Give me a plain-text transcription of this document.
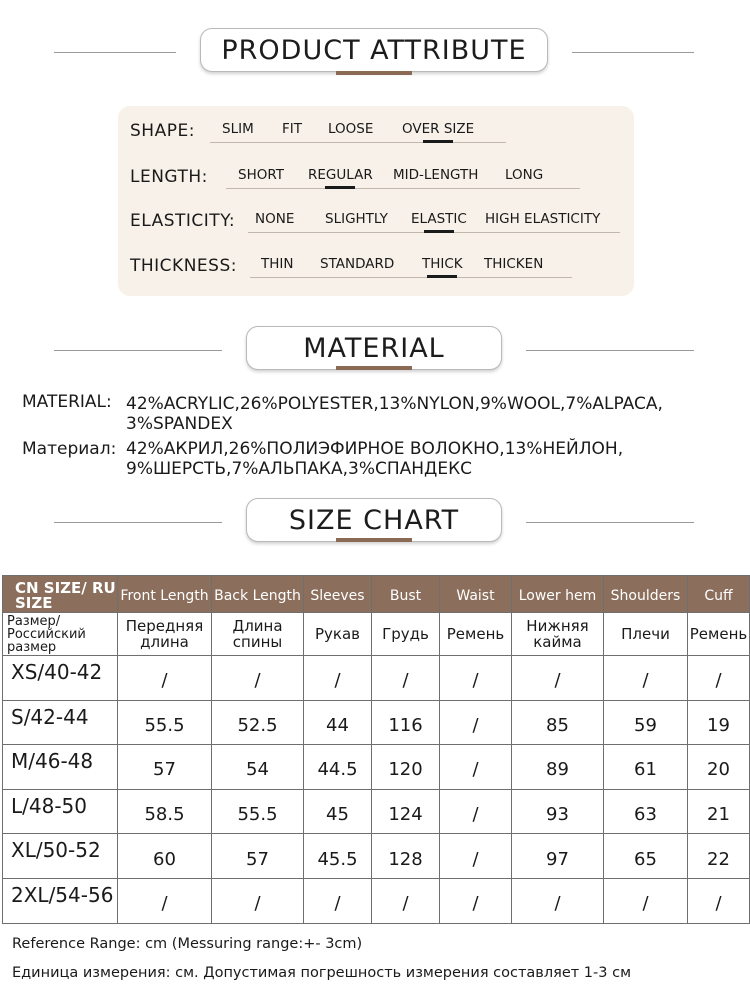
PRODUCT ATTRIBUTE
SHAPE: SLIM FIT LOOSE OVER SIZE
LENGTH: SHORT REGULAR MID-LENGTH LONG
ELASTICITY: NONE SLIGHTLY ELASTIC HIGH ELASTICITY
THICKNESS: THIN STANDARD THICK THICKEN
MATERIAL
MATERIAL: 42%ACRYLIC,26%POLYESTER,13%NYLON,9%WOOL,7%ALPACA,
3%SPANDEX
Материал: 42%АКРИЛ,26%ПОЛИЭФИРНОЕ ВОЛОКНО,13%НЕЙЛОН,
9%ШЕРСТЬ,7%АЛЬПАКА,3%СПАНДЕКС
SIZE CHART
CN SIZE/ RU SIZE	Front Length	Back Length	Sleeves	Bust	Waist	Lower hem	Shoulders	Cuff
Размер/ Российский размер	Передняя длина	Длина спины	Рукав	Грудь	Ремень	Нижняя кайма	Плечи	Ремень
XS/40-42	/	/	/	/	/	/	/	/
S/42-44	55.5	52.5	44	116	/	85	59	19
M/46-48	57	54	44.5	120	/	89	61	20
L/48-50	58.5	55.5	45	124	/	93	63	21
XL/50-52	60	57	45.5	128	/	97	65	22
2XL/54-56	/	/	/	/	/	/	/	/
Reference Range: cm (Messuring range:+- 3cm)
Единица измерения: см. Допустимая погрешность измерения составляет 1-3 см
